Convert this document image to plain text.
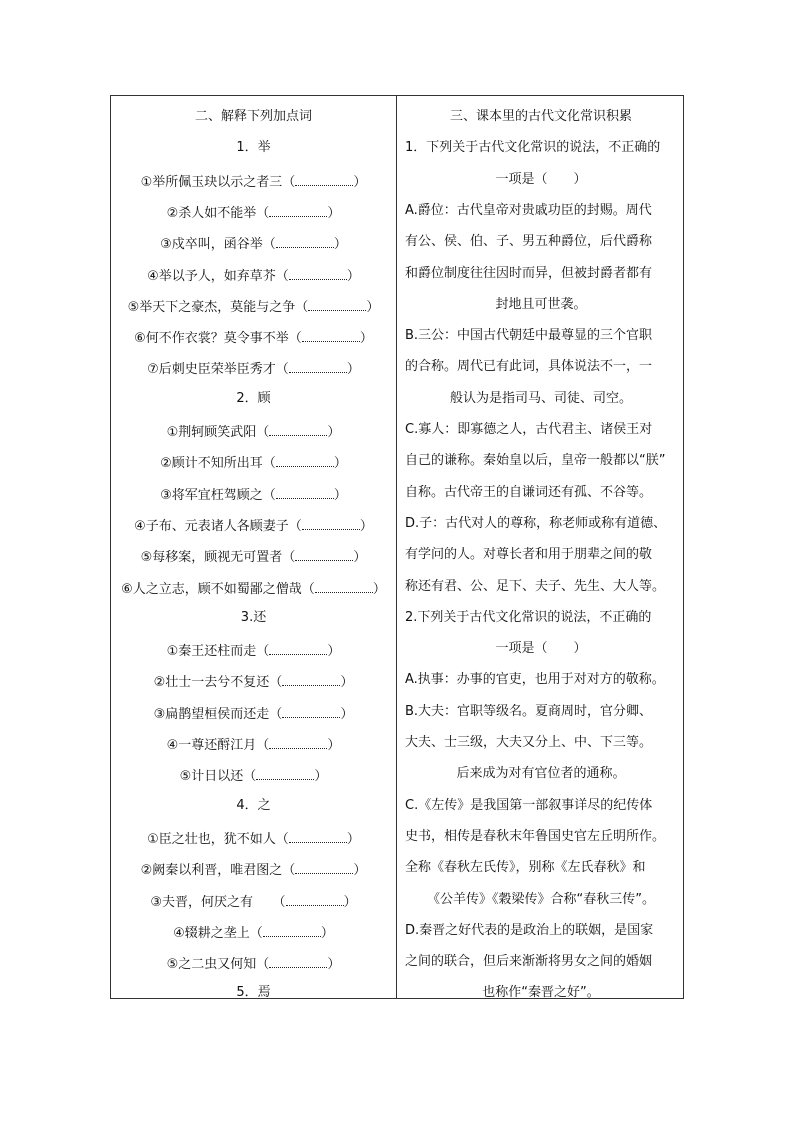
二、解释下列加点词
1．举
①举所佩玉玦以示之者三（	）
②杀人如不能举（	）
③戍卒叫，函谷举（	）
④举以予人，如弃草芥（	）
⑤举天下之豪杰，莫能与之争（	）
⑥何不作衣裳？莫令事不举（	）
⑦后刺史臣荣举臣秀才（	）
2．顾
①荆轲顾笑武阳（	）
②顾计不知所出耳（	）
③将军宜枉驾顾之（	）
④子布、元表诸人各顾妻子（	）
⑤每移案，顾视无可置者（	）
⑥人之立志，顾不如蜀鄙之僧哉（	）
3.还
①秦王还柱而走（	）
②壮士一去兮不复还（	）
③扁鹊望桓侯而还走（	）
④一尊还酹江月（	）
⑤计日以还（	）
4．之
①臣之壮也，犹不如人（	）
②阙秦以利晋，唯君图之（	）
③夫晋，何厌之有　　（	）
④辍耕之垄上（	）
⑤之二虫又何知（	）
5．焉
三、课本里的古代文化常识积累
1．下列关于古代文化常识的说法，不正确的
一项是（　　）
A.爵位：古代皇帝对贵戚功臣的封赐。周代
有公、侯、伯、子、男五种爵位，后代爵称
和爵位制度往往因时而异，但被封爵者都有
封地且可世袭。
B.三公：中国古代朝廷中最尊显的三个官职
的合称。周代已有此词，具体说法不一，一
般认为是指司马、司徒、司空。
C.寡人：即寡德之人，古代君主、诸侯王对
自己的谦称。秦始皇以后，皇帝一般都以“朕”
自称。古代帝王的自谦词还有孤、不谷等。
D.子：古代对人的尊称，称老师或称有道德、
有学问的人。对尊长者和用于朋辈之间的敬
称还有君、公、足下、夫子、先生、大人等。
2.下列关于古代文化常识的说法，不正确的
一项是（　　）
A.执事：办事的官吏，也用于对对方的敬称。
B.大夫：官职等级名。夏商周时，官分卿、
大夫、士三级，大夫又分上、中、下三等。
后来成为对有官位者的通称。
C.《左传》是我国第一部叙事详尽的纪传体
史书，相传是春秋末年鲁国史官左丘明所作。
全称《春秋左氏传》，别称《左氏春秋》和
《公羊传》《穀梁传》合称“春秋三传”。
D.秦晋之好代表的是政治上的联姻，是国家
之间的联合，但后来渐渐将男女之间的婚姻
也称作“秦晋之好”。
